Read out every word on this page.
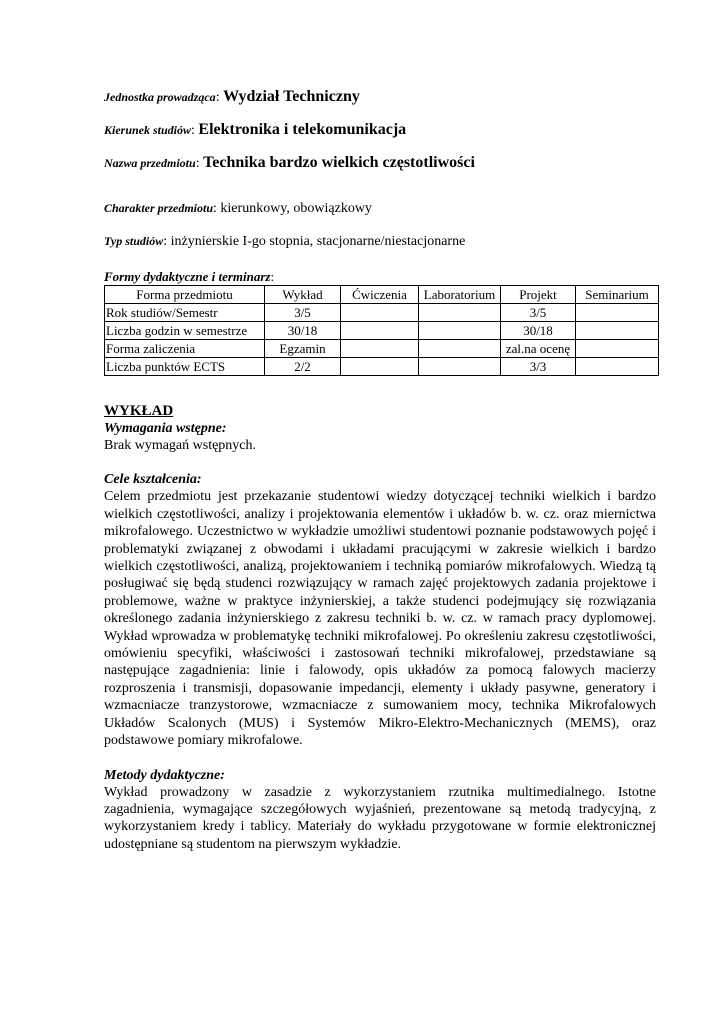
Jednostka prowadząca: Wydział Techniczny
Kierunek studiów: Elektronika i telekomunikacja
Nazwa przedmiotu: Technika bardzo wielkich częstotliwości
Charakter przedmiotu: kierunkowy, obowiązkowy
Typ studiów: inżynierskie I-go stopnia, stacjonarne/niestacjonarne
Formy dydaktyczne i terminarz:
Forma przedmiotu	Wykład	Ćwiczenia	Laboratorium	Projekt	Seminarium
Rok studiów/Semestr	3/5			3/5	
Liczba godzin w semestrze	30/18			30/18	
Forma zaliczenia	Egzamin			zal.na ocenę	
Liczba punktów ECTS	2/2			3/3	
WYKŁAD
Wymagania wstępne:
Brak wymagań wstępnych.
Cele kształcenia:
Celem przedmiotu jest przekazanie studentowi wiedzy dotyczącej techniki wielkich i bardzo wielkich częstotliwości, analizy i projektowania elementów i układów b. w. cz. oraz miernictwa mikrofalowego. Uczestnictwo w wykładzie umożliwi studentowi poznanie podstawowych pojęć i problematyki związanej z obwodami i układami pracującymi w zakresie wielkich i bardzo wielkich częstotliwości, analizą, projektowaniem i techniką pomiarów mikrofalowych. Wiedzą tą posługiwać się będą studenci rozwiązujący w ramach zajęć projektowych zadania projektowe i problemowe, ważne w praktyce inżynierskiej, a także studenci podejmujący się rozwiązania określonego zadania inżynierskiego z zakresu techniki b. w. cz. w ramach pracy dyplomowej. Wykład wprowadza w problematykę techniki mikrofalowej. Po określeniu zakresu częstotliwości, omówieniu specyfiki, właściwości i zastosowań techniki mikrofalowej, przedstawiane są następujące zagadnienia: linie i falowody, opis układów za pomocą falowych macierzy rozproszenia i transmisji, dopasowanie impedancji, elementy i układy pasywne, generatory i wzmacniacze tranzystorowe, wzmacniacze z sumowaniem mocy, technika Mikrofalowych Układów Scalonych (MUS) i Systemów Mikro-Elektro-Mechanicznych (MEMS), oraz podstawowe pomiary mikrofalowe.
Metody dydaktyczne:
Wykład prowadzony w zasadzie z wykorzystaniem rzutnika multimedialnego. Istotne zagadnienia, wymagające szczegółowych wyjaśnień, prezentowane są metodą tradycyjną, z wykorzystaniem kredy i tablicy. Materiały do wykładu przygotowane w formie elektronicznej udostępniane są studentom na pierwszym wykładzie.
